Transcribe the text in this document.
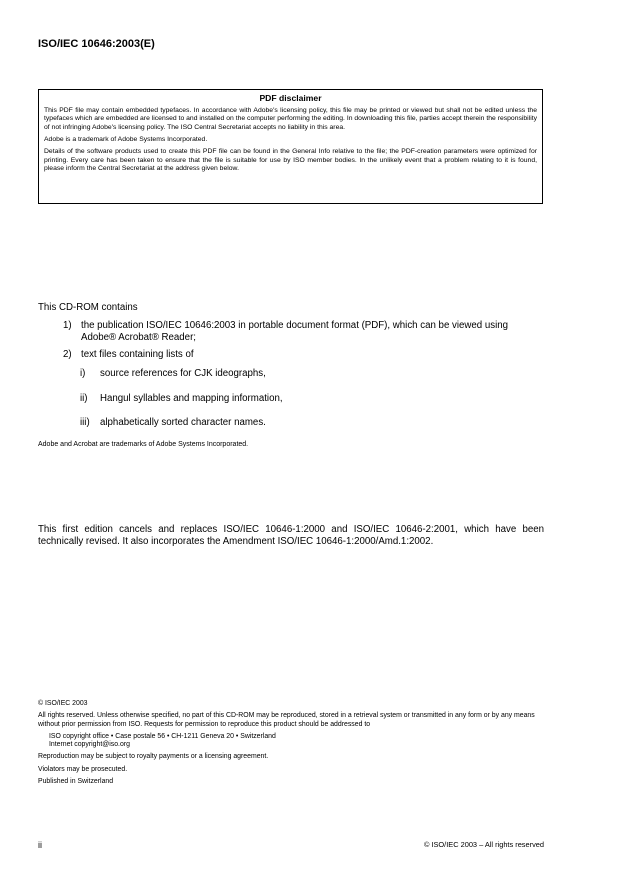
ISO/IEC 10646:2003(E)
PDF disclaimer

This PDF file may contain embedded typefaces. In accordance with Adobe's licensing policy, this file may be printed or viewed but shall not be edited unless the typefaces which are embedded are licensed to and installed on the computer performing the editing. In downloading this file, parties accept therein the responsibility of not infringing Adobe's licensing policy. The ISO Central Secretariat accepts no liability in this area.

Adobe is a trademark of Adobe Systems Incorporated.

Details of the software products used to create this PDF file can be found in the General Info relative to the file; the PDF-creation parameters were optimized for printing. Every care has been taken to ensure that the file is suitable for use by ISO member bodies. In the unlikely event that a problem relating to it is found, please inform the Central Secretariat at the address given below.

This CD-ROM contains
1) the publication ISO/IEC 10646:2003 in portable document format (PDF), which can be viewed using Adobe® Acrobat® Reader;
2) text files containing lists of
i) source references for CJK ideographs,
ii) Hangul syllables and mapping information,
iii) alphabetically sorted character names.
Adobe and Acrobat are trademarks of Adobe Systems Incorporated.
This first edition cancels and replaces ISO/IEC 10646-1:2000 and ISO/IEC 10646-2:2001, which have been technically revised. It also incorporates the Amendment ISO/IEC 10646-1:2000/Amd.1:2002.

© ISO/IEC 2003

All rights reserved. Unless otherwise specified, no part of this CD-ROM may be reproduced, stored in a retrieval system or transmitted in any form or by any means without prior permission from ISO. Requests for permission to reproduce this product should be addressed to

ISO copyright office • Case postale 56 • CH-1211 Geneva 20 • Switzerland
Internet copyright@iso.org

Reproduction may be subject to royalty payments or a licensing agreement.

Violators may be prosecuted.

Published in Switzerland

ii	© ISO/IEC 2003 – All rights reserved
